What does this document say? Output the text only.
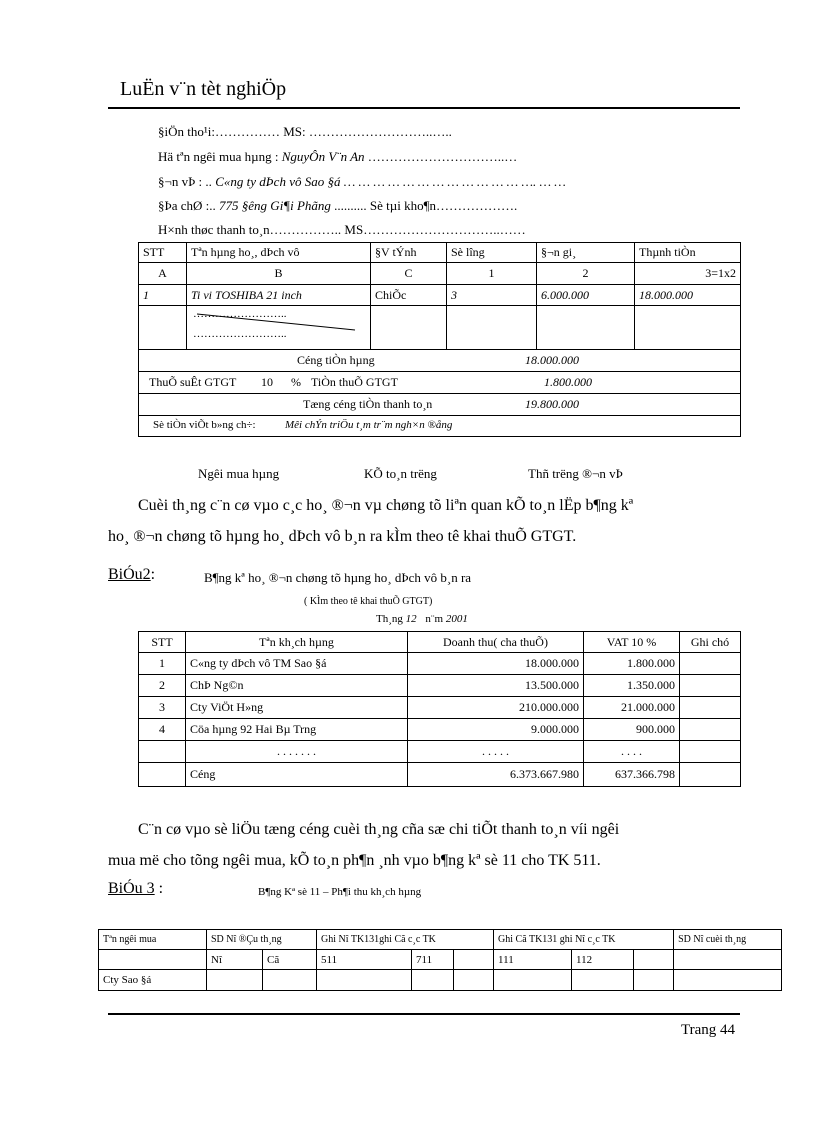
LuËn v¨n tèt nghiÖp
§iÖn tho¹i:…………… MS: ………………………..…..
Hä tªn ngêi mua hµng : NguyÔn V¨n An …………………………..…
§¬n vÞ : .. C«ng ty dÞch vô Sao §á … … … … … … … … … … … … …. … …
§Þa chØ :.. 775 §êng Gi¶i Phãng .......... Sè tµi kho¶n……………….
H×nh thøc thanh to¸n…………….. MS…………………………..……
STT	Tªn hµng ho¸, dÞch vô	§V tÝnh	Sè lîng	§¬n gi¸	Thµnh tiÒn
A	B	C	1	2	3=1x2
1	Ti vi TOSHIBA 21 inch	ChiÕc	3	6.000.000	18.000.000

	……………………..
……………………..				

Céng tiÒn hµng 18.000.000					

ThuÕ suÊt GTGT 10 % TiÒn thuÕ GTGT 1.800.000					

Tæng céng tiÒn thanh to¸n 19.800.000					

Sè tiÒn viÕt b»ng ch÷: Mêi chÝn triÖu t¸m tr¨m ngh×n ®ång					
Ngêi mua hµng	KÕ to¸n trëng	Thñ trëng ®¬n vÞ
Cuèi th¸ng c¨n cø vµo c¸c ho¸ ®¬n vµ chøng tõ liªn quan kÕ to¸n lËp b¶ng kª
ho¸ ®¬n chøng tõ hµng ho¸ dÞch vô b¸n ra kÌm theo tê khai thuÕ GTGT.
BiÓu2:	B¶ng kª ho¸ ®¬n chøng tõ hµng ho¸ dÞch vô b¸n ra
( KÌm theo tê khai thuÕ GTGT)
Th¸ng 12 n¨m 2001
STT	Tªn kh¸ch hµng	Doanh thu( cha thuÕ)	VAT 10 %	Ghi chó
1	C«ng ty dÞch vô TM Sao §á	18.000.000	1.800.000	
2	ChÞ Ng©n	13.500.000	1.350.000	
3	Cty ViÖt H»ng	210.000.000	21.000.000	
4	Cöa hµng 92 Hai Bµ Trng	9.000.000	900.000	
	. . . . . . .	. . . . .	. . . .	
	Céng	6.373.667.980	637.366.798	
C¨n cø vµo sè liÖu tæng céng cuèi th¸ng cña sæ chi tiÕt thanh to¸n víi ngêi
mua më cho tõng ngêi mua, kÕ to¸n ph¶n ¸nh vµo b¶ng kª sè 11 cho TK 511.
BiÓu 3 :	B¶ng Kª sè 11 – Ph¶i thu kh¸ch hµng
Tªn ngêi mua	SD Nî ®Çu th¸ng		Ghi Nî TK131ghi Cã c¸c TK			Ghi Cã TK131 ghi Nî c¸c TK			SD Nî cuèi th¸ng
	Nî	Cã	511	711		111	112		
Cty Sao §á									
Trang 44
